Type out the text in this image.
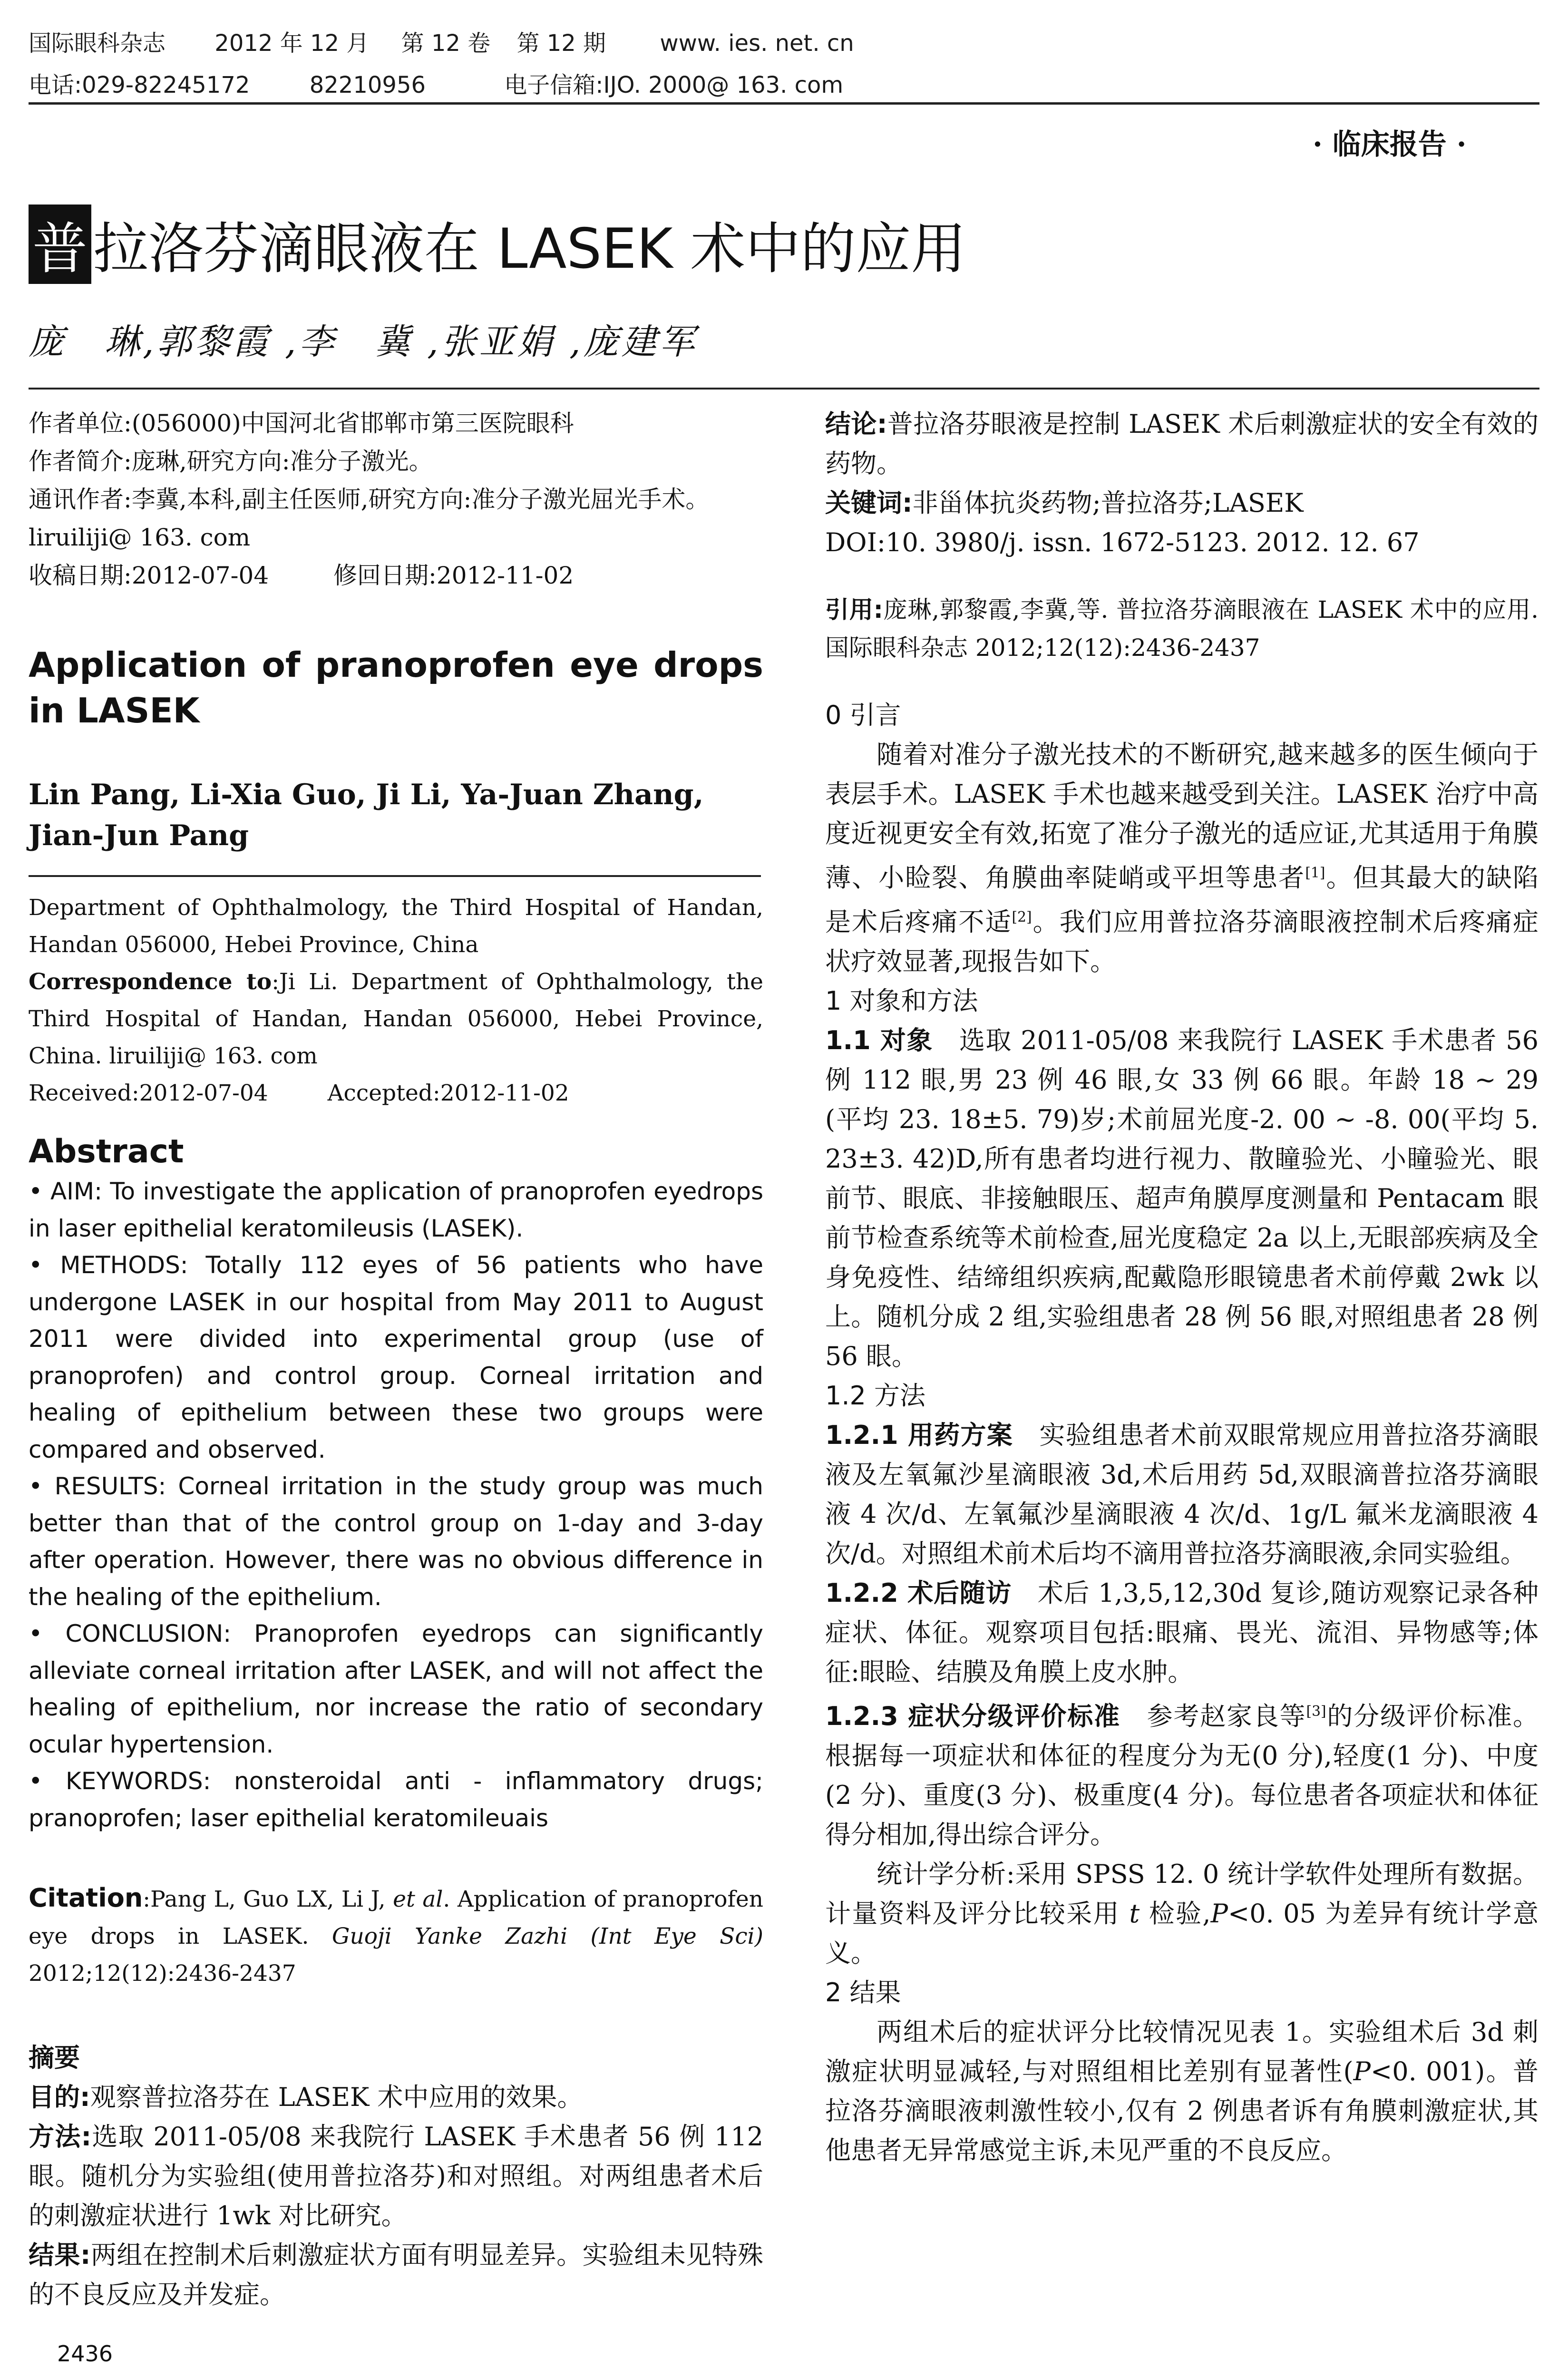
国际眼科杂志 2012 年 12 月 第 12 卷 第 12 期 www. ies. net. cn
电话:029-82245172	82210956	电子信箱:IJO. 2000@ 163. com
· 临床报告 ·
普 拉洛芬滴眼液在 LASEK 术中的应用
庞　琳,郭黎霞 ,李　冀 ,张亚娟 ,庞建军

作者单位:(056000)中国河北省邯郸市第三医院眼科

作者简介:庞琳,研究方向:准分子激光。

通讯作者:李冀,本科,副主任医师,研究方向:准分子激光屈光手术。liruiliji@ 163. com

收稿日期:2012-07-04	修回日期:2012-11-02

Application of pranoprofen eye drops in LASEK

Lin Pang, Li-Xia Guo, Ji Li, Ya-Juan Zhang, Jian-Jun Pang

Department of Ophthalmology, the Third Hospital of Handan, Handan 056000, Hebei Province, China

Correspondence to:Ji Li. Department of Ophthalmology, the Third Hospital of Handan, Handan 056000, Hebei Province, China. liruiliji@ 163. com

Received:2012-07-04	Accepted:2012-11-02

Abstract

• AIM: To investigate the application of pranoprofen eyedrops in laser epithelial keratomileusis (LASEK).

• METHODS: Totally 112 eyes of 56 patients who have undergone LASEK in our hospital from May 2011 to August 2011 were divided into experimental group (use of pranoprofen) and control group. Corneal irritation and healing of epithelium between these two groups were compared and observed.

• RESULTS: Corneal irritation in the study group was much better than that of the control group on 1-day and 3-day after operation. However, there was no obvious difference in the healing of the epithelium.

• CONCLUSION: Pranoprofen eyedrops can significantly alleviate corneal irritation after LASEK, and will not affect the healing of epithelium, nor increase the ratio of secondary ocular hypertension.

• KEYWORDS: nonsteroidal anti - inflammatory drugs; pranoprofen; laser epithelial keratomileuais

Citation:Pang L, Guo LX, Li J, et al. Application of pranoprofen eye drops in LASEK. Guoji Yanke Zazhi (Int Eye Sci) 2012;12(12):2436-2437

摘要

目的:观察普拉洛芬在 LASEK 术中应用的效果。

方法:选取 2011-05/08 来我院行 LASEK 手术患者 56 例 112 眼。随机分为实验组(使用普拉洛芬)和对照组。对两组患者术后的刺激症状进行 1wk 对比研究。

结果:两组在控制术后刺激症状方面有明显差异。实验组未见特殊的不良反应及并发症。

结论:普拉洛芬眼液是控制 LASEK 术后刺激症状的安全有效的药物。

关键词:非甾体抗炎药物;普拉洛芬;LASEK

DOI:10. 3980/j. issn. 1672-5123. 2012. 12. 67

引用:庞琳,郭黎霞,李冀,等. 普拉洛芬滴眼液在 LASEK 术中的应用. 国际眼科杂志 2012;12(12):2436-2437

0 引言

随着对准分子激光技术的不断研究,越来越多的医生倾向于表层手术。LASEK 手术也越来越受到关注。LASEK 治疗中高度近视更安全有效,拓宽了准分子激光的适应证,尤其适用于角膜薄、小睑裂、角膜曲率陡峭或平坦等患者[1]。但其最大的缺陷是术后疼痛不适[2]。我们应用普拉洛芬滴眼液控制术后疼痛症状疗效显著,现报告如下。

1 对象和方法

1.1 对象　选取 2011-05/08 来我院行 LASEK 手术患者 56 例 112 眼,男 23 例 46 眼,女 33 例 66 眼。年龄 18 ~ 29 (平均 23. 18±5. 79)岁;术前屈光度-2. 00 ~ -8. 00(平均 5. 23±3. 42)D,所有患者均进行视力、散瞳验光、小瞳验光、眼前节、眼底、非接触眼压、超声角膜厚度测量和 Pentacam 眼前节检查系统等术前检查,屈光度稳定 2a 以上,无眼部疾病及全身免疫性、结缔组织疾病,配戴隐形眼镜患者术前停戴 2wk 以上。随机分成 2 组,实验组患者 28 例 56 眼,对照组患者 28 例 56 眼。

1.2 方法

1.2.1 用药方案　实验组患者术前双眼常规应用普拉洛芬滴眼液及左氧氟沙星滴眼液 3d,术后用药 5d,双眼滴普拉洛芬滴眼液 4 次/d、左氧氟沙星滴眼液 4 次/d、1g/L 氟米龙滴眼液 4 次/d。对照组术前术后均不滴用普拉洛芬滴眼液,余同实验组。

1.2.2 术后随访　术后 1,3,5,12,30d 复诊,随访观察记录各种症状、体征。观察项目包括:眼痛、畏光、流泪、异物感等;体征:眼睑、结膜及角膜上皮水肿。

1.2.3 症状分级评价标准　参考赵家良等[3]的分级评价标准。根据每一项症状和体征的程度分为无(0 分),轻度(1 分)、中度(2 分)、重度(3 分)、极重度(4 分)。每位患者各项症状和体征得分相加,得出综合评分。

统计学分析:采用 SPSS 12. 0 统计学软件处理所有数据。计量资料及评分比较采用 t 检验,P<0. 05 为差异有统计学意义。

2 结果

两组术后的症状评分比较情况见表 1。实验组术后 3d 刺激症状明显减轻,与对照组相比差别有显著性(P<0. 001)。普拉洛芬滴眼液刺激性较小,仅有 2 例患者诉有角膜刺激症状,其他患者无异常感觉主诉,未见严重的不良反应。

2436
